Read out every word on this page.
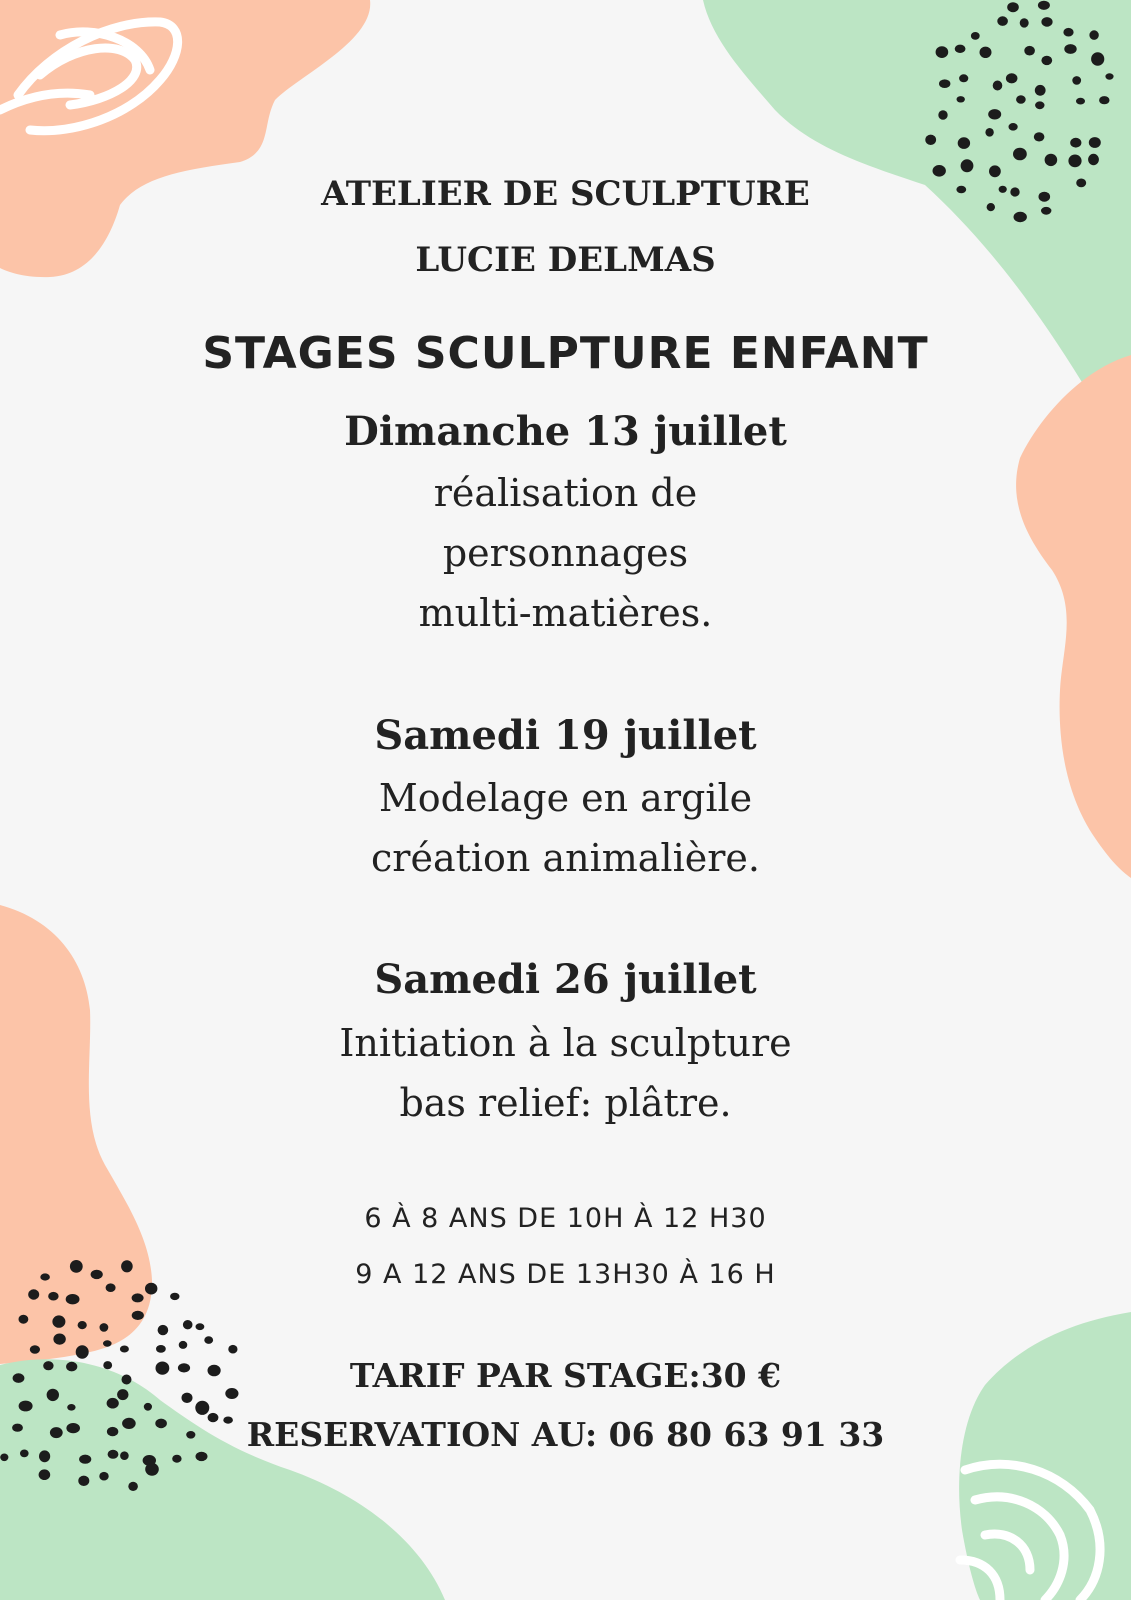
ATELIER DE SCULPTURE
LUCIE DELMAS
STAGES SCULPTURE ENFANT
Dimanche 13 juillet
réalisation de
personnages
multi-matières.
Samedi 19 juillet
Modelage en argile
création animalière.
Samedi 26 juillet
Initiation à la sculpture
bas relief: plâtre.
6 À 8 ANS DE 10H À 12 H30
9 A 12 ANS DE 13H30 À 16 H
TARIF PAR STAGE:30 €
RESERVATION AU: 06 80 63 91 33
